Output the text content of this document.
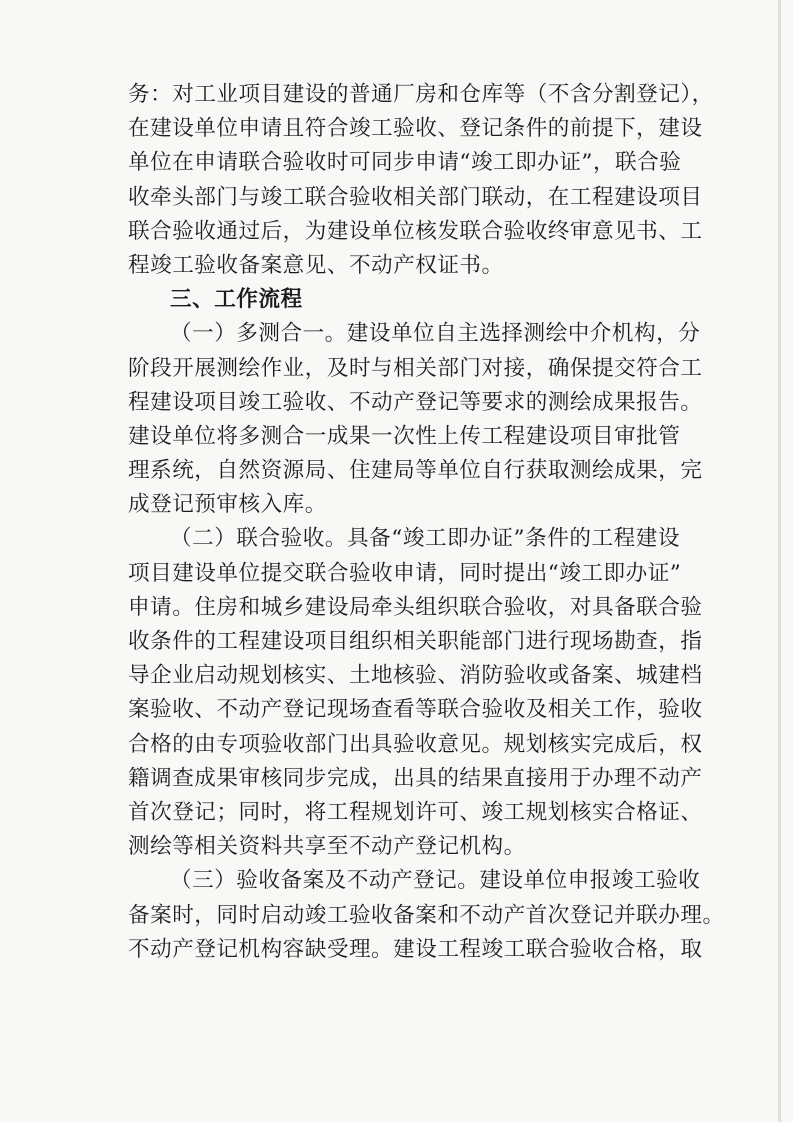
务：对工业项目建设的普通厂房和仓库等（不含分割登记），
在建设单位申请且符合竣工验收、登记条件的前提下，建设
单位在申请联合验收时可同步申请“竣工即办证”，联合验
收牵头部门与竣工联合验收相关部门联动，在工程建设项目
联合验收通过后，为建设单位核发联合验收终审意见书、工
程竣工验收备案意见、不动产权证书。
三、工作流程
（一）多测合一。建设单位自主选择测绘中介机构，分
阶段开展测绘作业，及时与相关部门对接，确保提交符合工
程建设项目竣工验收、不动产登记等要求的测绘成果报告。
建设单位将多测合一成果一次性上传工程建设项目审批管
理系统，自然资源局、住建局等单位自行获取测绘成果，完
成登记预审核入库。
（二）联合验收。具备“竣工即办证”条件的工程建设
项目建设单位提交联合验收申请，同时提出“竣工即办证”
申请。住房和城乡建设局牵头组织联合验收，对具备联合验
收条件的工程建设项目组织相关职能部门进行现场勘查，指
导企业启动规划核实、土地核验、消防验收或备案、城建档
案验收、不动产登记现场查看等联合验收及相关工作，验收
合格的由专项验收部门出具验收意见。规划核实完成后，权
籍调查成果审核同步完成，出具的结果直接用于办理不动产
首次登记；同时，将工程规划许可、竣工规划核实合格证、
测绘等相关资料共享至不动产登记机构。
（三）验收备案及不动产登记。建设单位申报竣工验收
备案时，同时启动竣工验收备案和不动产首次登记并联办理。
不动产登记机构容缺受理。建设工程竣工联合验收合格，取
